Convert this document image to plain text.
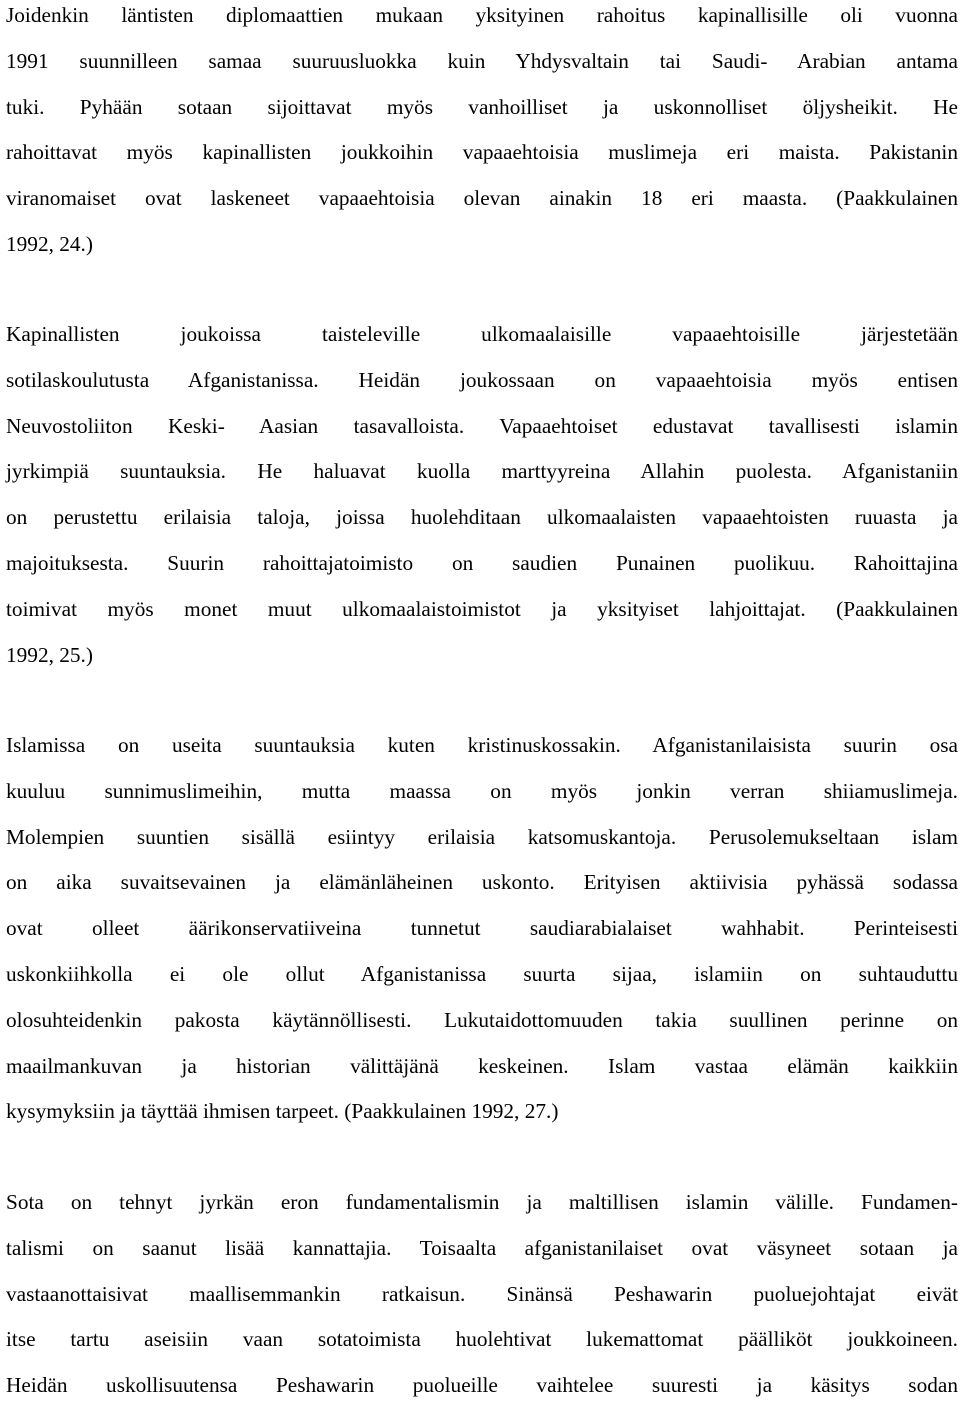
Joidenkin läntisten diplomaattien mukaan yksityinen rahoitus kapinallisille oli vuonna
1991 suunnilleen samaa suuruusluokka kuin Yhdysvaltain tai Saudi- Arabian antama
tuki. Pyhään sotaan sijoittavat myös vanhoilliset ja uskonnolliset öljysheikit. He
rahoittavat myös kapinallisten joukkoihin vapaaehtoisia muslimeja eri maista. Pakistanin
viranomaiset ovat laskeneet vapaaehtoisia olevan ainakin 18 eri maasta. (Paakkulainen
1992, 24.)
Kapinallisten joukoissa taisteleville ulkomaalaisille vapaaehtoisille järjestetään
sotilaskoulutusta Afganistanissa. Heidän joukossaan on vapaaehtoisia myös entisen
Neuvostoliiton Keski- Aasian tasavalloista. Vapaaehtoiset edustavat tavallisesti islamin
jyrkimpiä suuntauksia. He haluavat kuolla marttyyreina Allahin puolesta. Afganistaniin
on perustettu erilaisia taloja, joissa huolehditaan ulkomaalaisten vapaaehtoisten ruuasta ja
majoituksesta. Suurin rahoittajatoimisto on saudien Punainen puolikuu. Rahoittajina
toimivat myös monet muut ulkomaalaistoimistot ja yksityiset lahjoittajat. (Paakkulainen
1992, 25.)
Islamissa on useita suuntauksia kuten kristinuskossakin. Afganistanilaisista suurin osa
kuuluu sunnimuslimeihin, mutta maassa on myös jonkin verran shiiamuslimeja.
Molempien suuntien sisällä esiintyy erilaisia katsomuskantoja. Perusolemukseltaan islam
on aika suvaitsevainen ja elämänläheinen uskonto. Erityisen aktiivisia pyhässä sodassa
ovat olleet äärikonservatiiveina tunnetut saudiarabialaiset wahhabit. Perinteisesti
uskonkiihkolla ei ole ollut Afganistanissa suurta sijaa, islamiin on suhtauduttu
olosuhteidenkin pakosta käytännöllisesti. Lukutaidottomuuden takia suullinen perinne on
maailmankuvan ja historian välittäjänä keskeinen. Islam vastaa elämän kaikkiin
kysymyksiin ja täyttää ihmisen tarpeet. (Paakkulainen 1992, 27.)
Sota on tehnyt jyrkän eron fundamentalismin ja maltillisen islamin välille. Fundamen-
talismi on saanut lisää kannattajia. Toisaalta afganistanilaiset ovat väsyneet sotaan ja
vastaanottaisivat maallisemmankin ratkaisun. Sinänsä Peshawarin puoluejohtajat eivät
itse tartu aseisiin vaan sotatoimista huolehtivat lukemattomat päälliköt joukkoineen.
Heidän uskollisuutensa Peshawarin puolueille vaihtelee suuresti ja käsitys sodan
